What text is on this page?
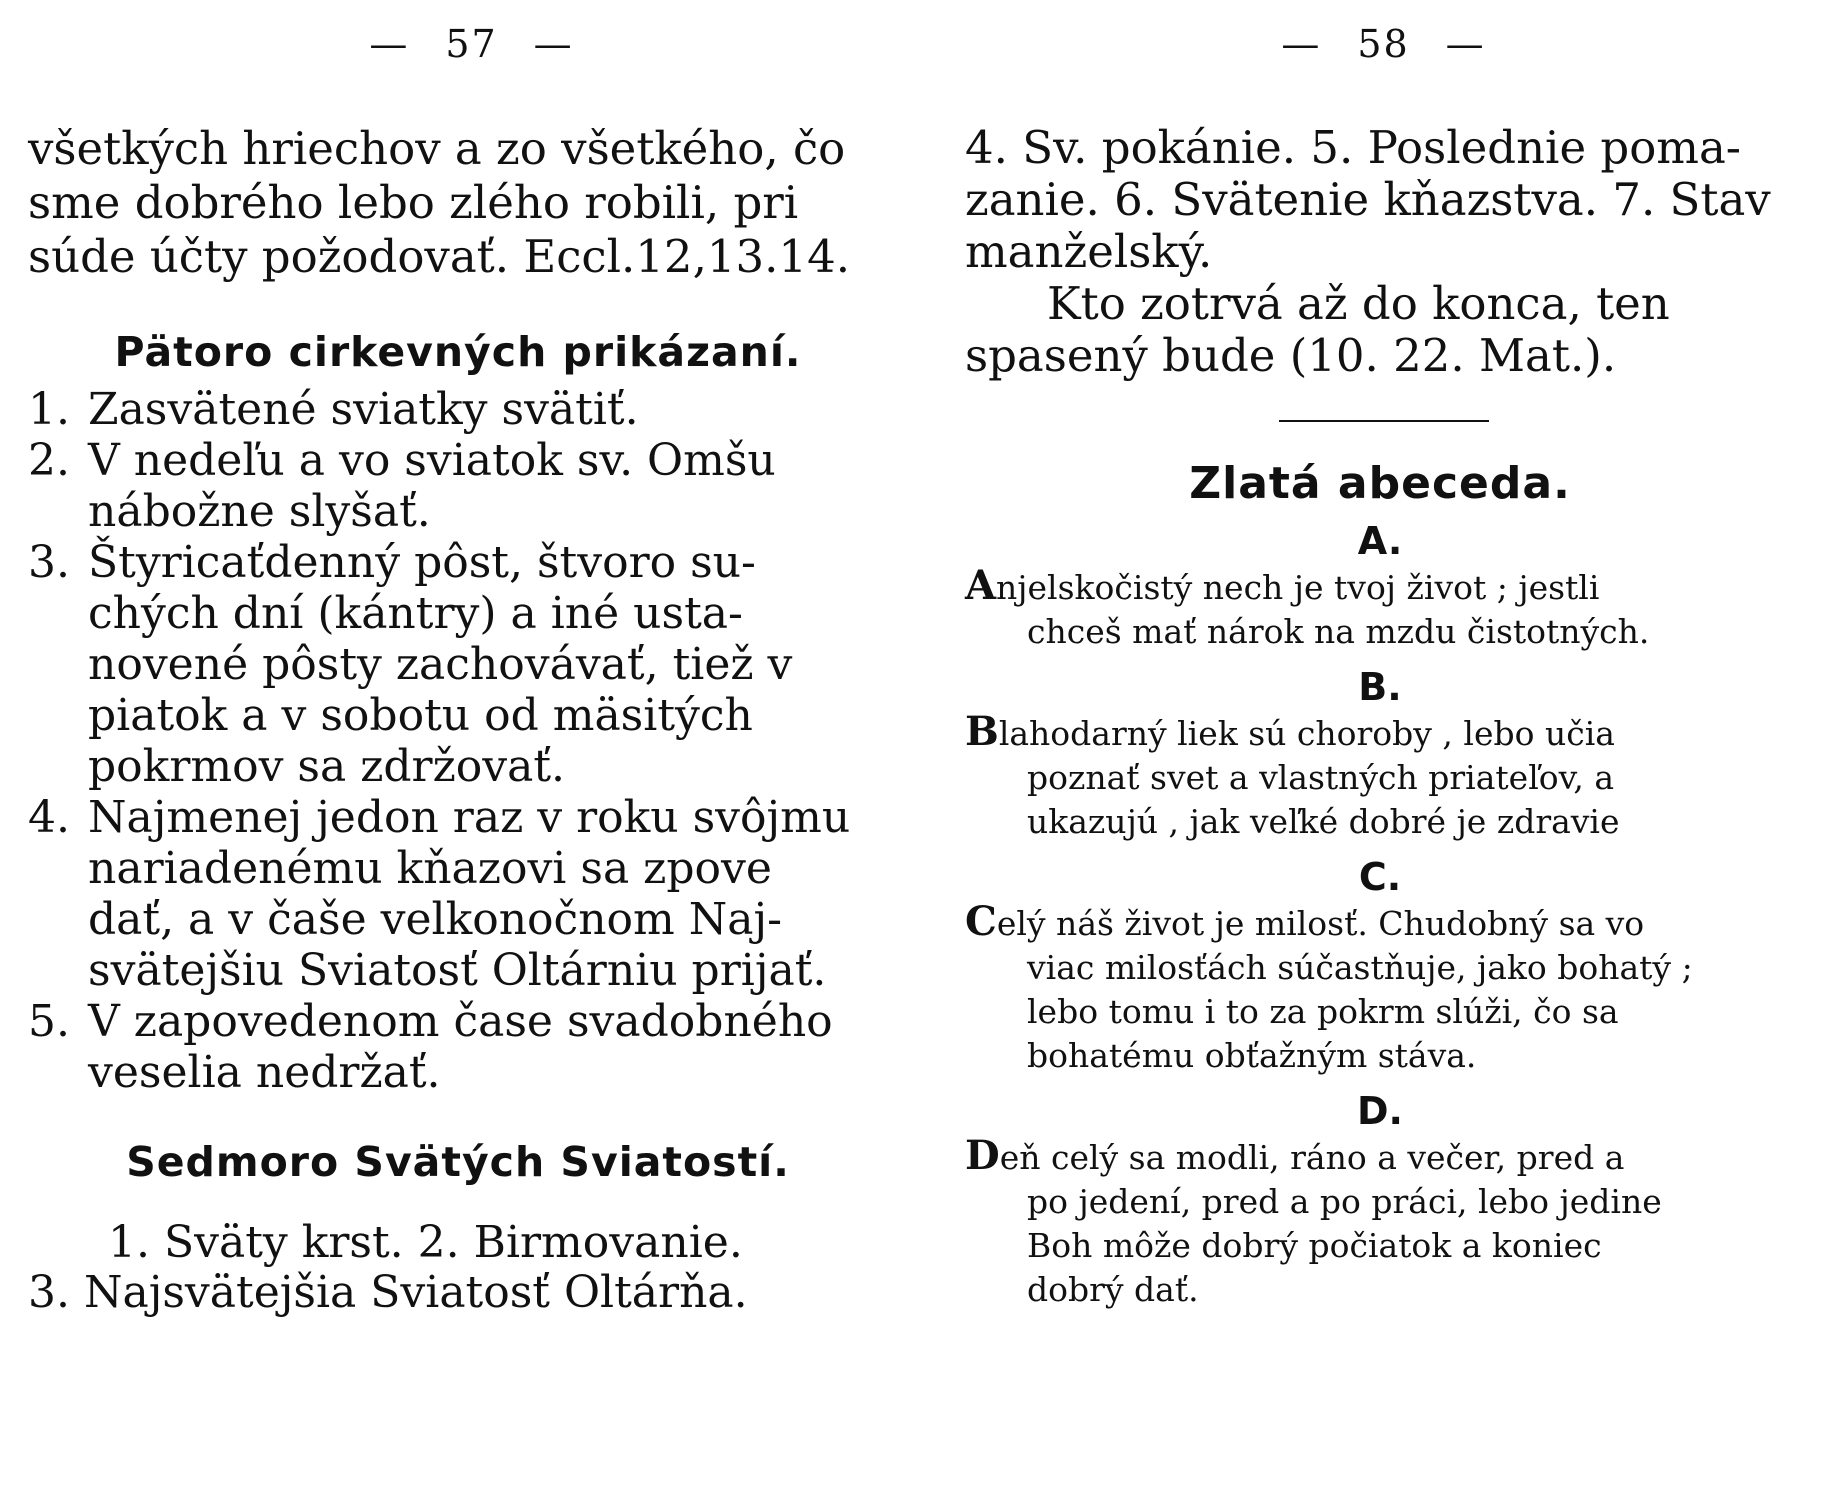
— 57 —
všetkých hriechov a zo všetkého, čo
sme dobrého lebo zlého robili, pri
súde účty požodovať. Eccl.12,13.14.
Pätoro cirkevných prikázaní.
1. Zasvätené sviatky svätiť.
2. V nedeľu a vo sviatok sv. Omšu
nábožne slyšať.
3. Štyricaťdenný pôst, štvoro su-
chých dní (kántry) a iné usta-
novené pôsty zachovávať, tiež v
piatok a v sobotu od mäsitých
pokrmov sa zdržovať.
4. Najmenej jedon raz v roku svôjmu
nariadenému kňazovi sa zpove
dať, a v čaše velkonočnom Naj-
svätejšiu Sviatosť Oltárniu prijať.
5. V zapovedenom čase svadobného
veselia nedržať.
Sedmoro Svätých Sviatostí.
1. Sväty krst. 2. Birmovanie.
3. Najsvätejšia Sviatosť Oltárňa.
— 58 —
4. Sv. pokánie. 5. Poslednie poma-
zanie. 6. Svätenie kňazstva. 7. Stav
manželský.
Kto zotrvá až do konca, ten
spasený bude (10. 22. Mat.).
Zlatá abeceda.
A.
Anjelskočistý nech je tvoj život ; jestli
chceš mať nárok na mzdu čistotných.
B.
Blahodarný liek sú choroby , lebo učia
poznať svet a vlastných priateľov, a
ukazujú , jak veľké dobré je zdravie
C.
Celý náš život je milosť. Chudobný sa vo
viac milosťách súčastňuje, jako bohatý ;
lebo tomu i to za pokrm slúži, čo sa
bohatému obťažným stáva.
D.
Deň celý sa modli, ráno a večer, pred a
po jedení, pred a po práci, lebo jedine
Boh môže dobrý počiatok a koniec
dobrý dať.
